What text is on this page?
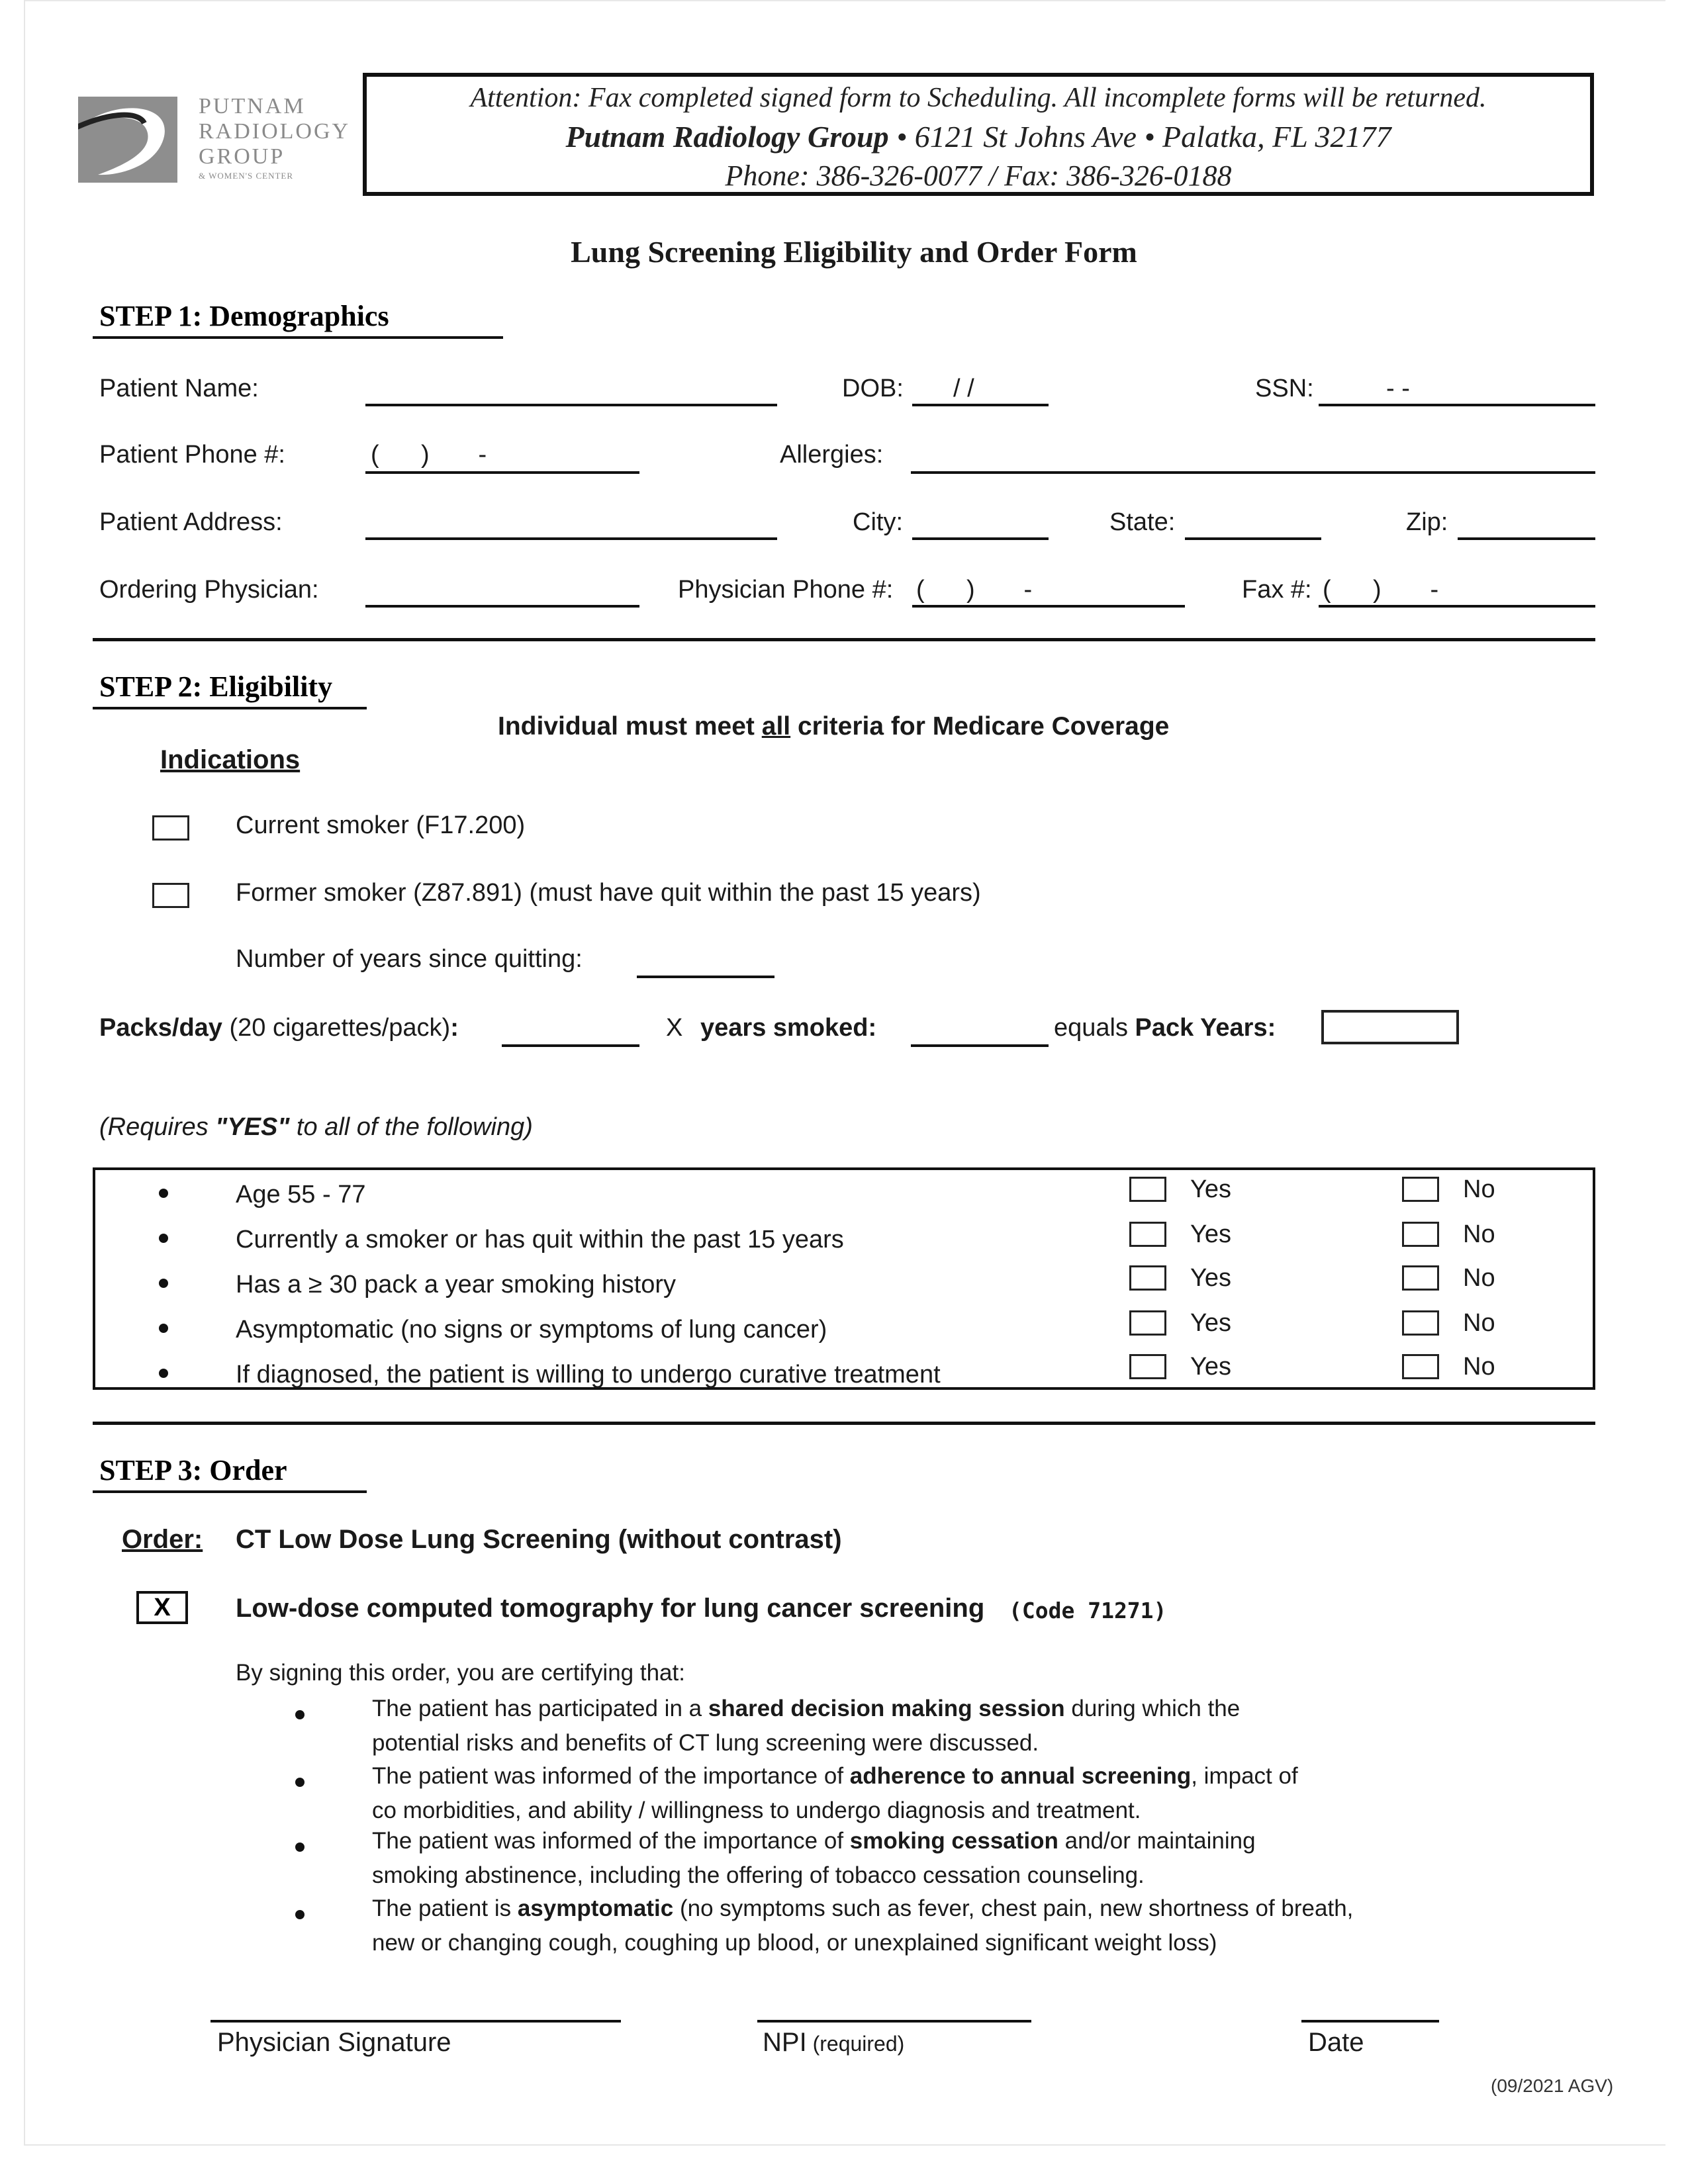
PUTNAM
RADIOLOGY
GROUP
& WOMEN'S CENTER
Attention: Fax completed signed form to Scheduling. All incomplete forms will be returned.
Putnam Radiology Group • 6121 St Johns Ave • Palatka, FL 32177
Phone: 386-326-0077 / Fax: 386-326-0188
Lung Screening Eligibility and Order Form
STEP 1: Demographics
Patient Name:	DOB: / /	SSN:	- -
Patient Phone #:	(      )       -	Allergies:
Patient Address:	City:	State:	Zip:
Ordering Physician:	Physician Phone #: (      )       -	Fax #: (      )       -
STEP 2: Eligibility
Individual must meet all criteria for Medicare Coverage
Indications
Current smoker (F17.200)
Former smoker (Z87.891) (must have quit within the past 15 years)
Number of years since quitting:
Packs/day (20 cigarettes/pack):	X years smoked:	equals Pack Years:
(Requires "YES" to all of the following)
Age 55 - 77	Yes	No
Currently a smoker or has quit within the past 15 years	Yes	No
Has a ≥ 30 pack a year smoking history	Yes	No
Asymptomatic (no signs or symptoms of lung cancer)	Yes	No
If diagnosed, the patient is willing to undergo curative treatment	Yes	No
STEP 3: Order
Order: CT Low Dose Lung Screening (without contrast)
X	Low-dose computed tomography for lung cancer screening (Code 71271)
By signing this order, you are certifying that:
The patient has participated in a shared decision making session during which the
potential risks and benefits of CT lung screening were discussed.
The patient was informed of the importance of adherence to annual screening, impact of
co morbidities, and ability / willingness to undergo diagnosis and treatment.
The patient was informed of the importance of smoking cessation and/or maintaining
smoking abstinence, including the offering of tobacco cessation counseling.
The patient is asymptomatic (no symptoms such as fever, chest pain, new shortness of breath,
new or changing cough, coughing up blood, or unexplained significant weight loss)
Physician Signature	NPI (required)	Date
(09/2021 AGV)
